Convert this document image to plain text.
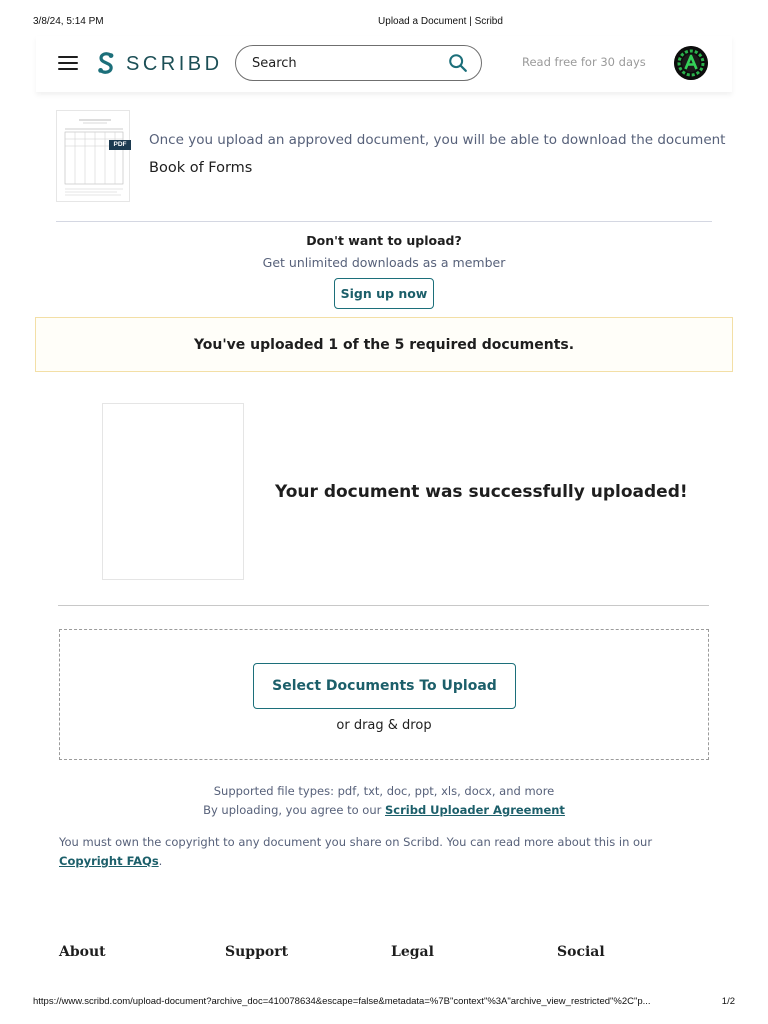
3/8/24, 5:14 PM	Upload a Document | Scribd
SCRIBD
Search	Read free for 30 days
PDF	Once you upload an approved document, you will be able to download the document
Book of Forms
Don't want to upload?
Get unlimited downloads as a member
Sign up now
You've uploaded 1 of the 5 required documents.
Your document was successfully uploaded!
Select Documents To Upload
or drag & drop
Supported file types: pdf, txt, doc, ppt, xls, docx, and more
By uploading, you agree to our Scribd Uploader Agreement
You must own the copyright to any document you share on Scribd. You can read more about this in our Copyright FAQs.
About	Support	Legal	Social
https://www.scribd.com/upload-document?archive_doc=410078634&escape=false&metadata=%7B"context"%3A"archive_view_restricted"%2C"p...	1/2
